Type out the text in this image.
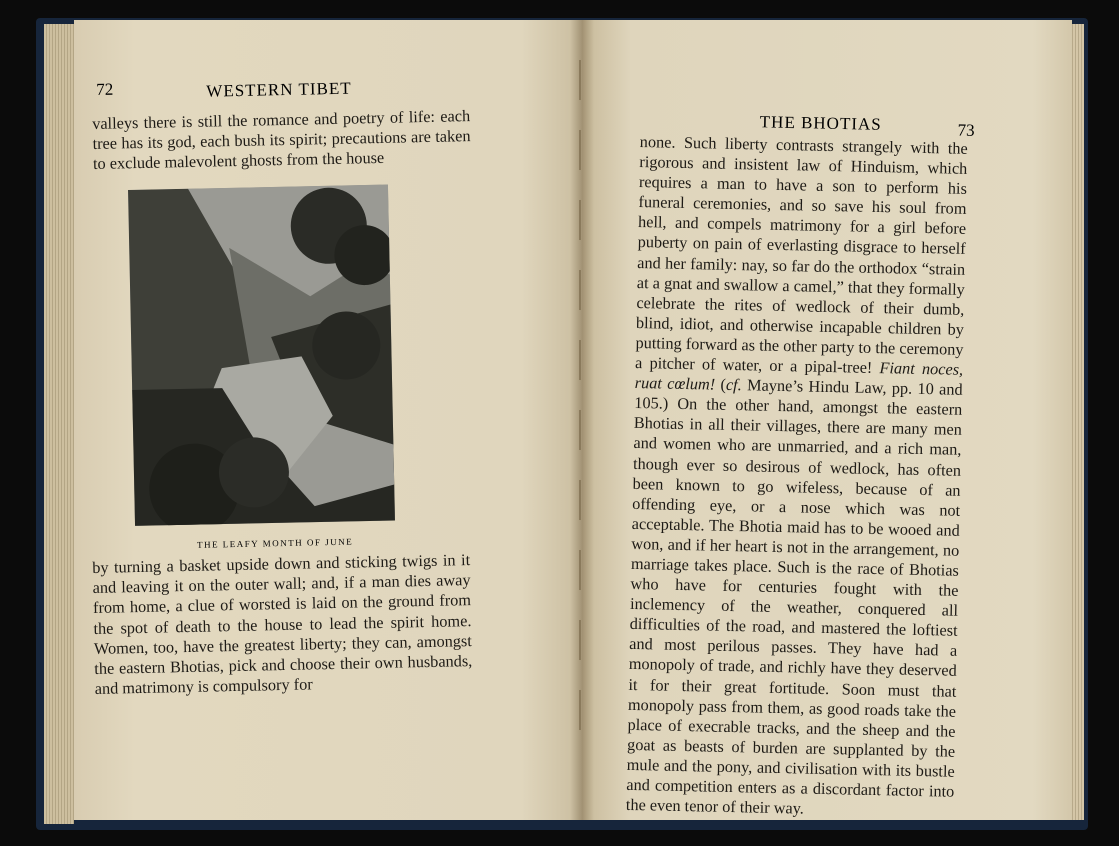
72	WESTERN TIBET

valleys there is still the romance and poetry of life: each tree has its god, each bush its spirit; precautions are taken to exclude malevolent ghosts from the house

THE LEAFY MONTH OF JUNE

by turning a basket upside down and sticking twigs in it and leaving it on the outer wall; and, if a man dies away from home, a clue of worsted is laid on the ground from the spot of death to the house to lead the spirit home. Women, too, have the greatest liberty; they can, amongst the eastern Bhotias, pick and choose their own husbands, and matrimony is compulsory for

THE BHOTIAS	73

none. Such liberty contrasts strangely with the rigorous and insistent law of Hinduism, which requires a man to have a son to perform his funeral ceremonies, and so save his soul from hell, and compels matrimony for a girl before puberty on pain of everlasting disgrace to herself and her family: nay, so far do the orthodox “strain at a gnat and swallow a camel,” that they formally celebrate the rites of wedlock of their dumb, blind, idiot, and otherwise incapable children by putting forward as the other party to the ceremony a pitcher of water, or a pipal-tree! Fiant noces, ruat cœlum! (cf. Mayne’s Hindu Law, pp. 10 and 105.) On the other hand, amongst the eastern Bhotias in all their villages, there are many men and women who are unmarried, and a rich man, though ever so desirous of wedlock, has often been known to go wifeless, because of an offending eye, or a nose which was not acceptable. The Bhotia maid has to be wooed and won, and if her heart is not in the arrangement, no marriage takes place. Such is the race of Bhotias who have for centuries fought with the inclemency of the weather, conquered all difficulties of the road, and mastered the loftiest and most perilous passes. They have had a monopoly of trade, and richly have they deserved it for their great fortitude. Soon must that monopoly pass from them, as good roads take the place of execrable tracks, and the sheep and the goat as beasts of burden are supplanted by the mule and the pony, and civilisation with its bustle and competition enters as a discordant factor into the even tenor of their way.
